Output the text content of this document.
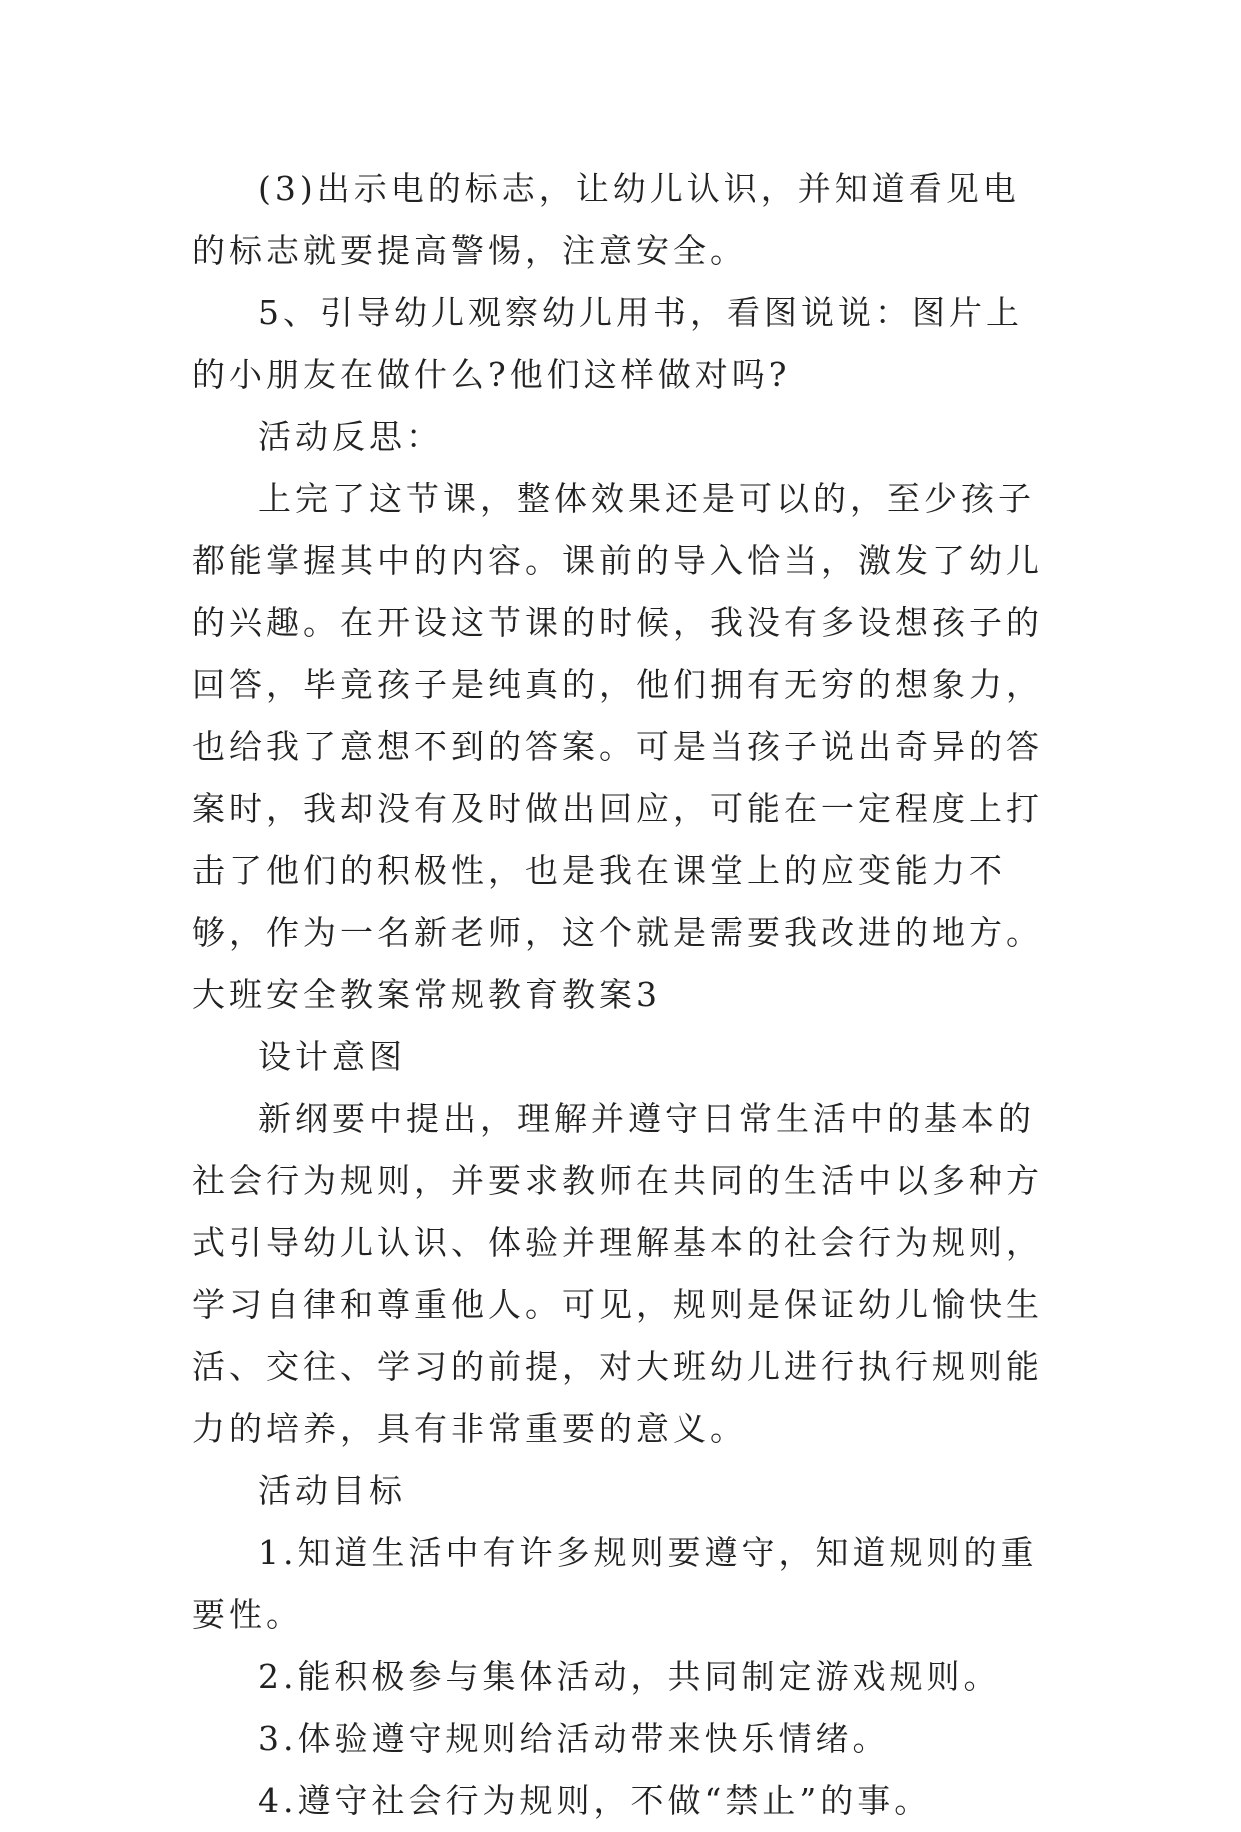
(3)出示电的标志，让幼儿认识，并知道看见电的标志就要提高警惕，注意安全。

5、引导幼儿观察幼儿用书，看图说说：图片上的小朋友在做什么?他们这样做对吗?

活动反思：

上完了这节课，整体效果还是可以的，至少孩子都能掌握其中的内容。课前的导入恰当，激发了幼儿的兴趣。在开设这节课的时候，我没有多设想孩子的回答，毕竟孩子是纯真的，他们拥有无穷的想象力，也给我了意想不到的答案。可是当孩子说出奇异的答案时，我却没有及时做出回应，可能在一定程度上打击了他们的积极性，也是我在课堂上的应变能力不够，作为一名新老师，这个就是需要我改进的地方。

大班安全教案常规教育教案3

设计意图

新纲要中提出，理解并遵守日常生活中的基本的社会行为规则，并要求教师在共同的生活中以多种方式引导幼儿认识、体验并理解基本的社会行为规则，学习自律和尊重他人。可见，规则是保证幼儿愉快生活、交往、学习的前提，对大班幼儿进行执行规则能力的培养，具有非常重要的意义。

活动目标

1.知道生活中有许多规则要遵守，知道规则的重要性。

2.能积极参与集体活动，共同制定游戏规则。

3.体验遵守规则给活动带来快乐情绪。

4.遵守社会行为规则，不做“禁止”的事。
